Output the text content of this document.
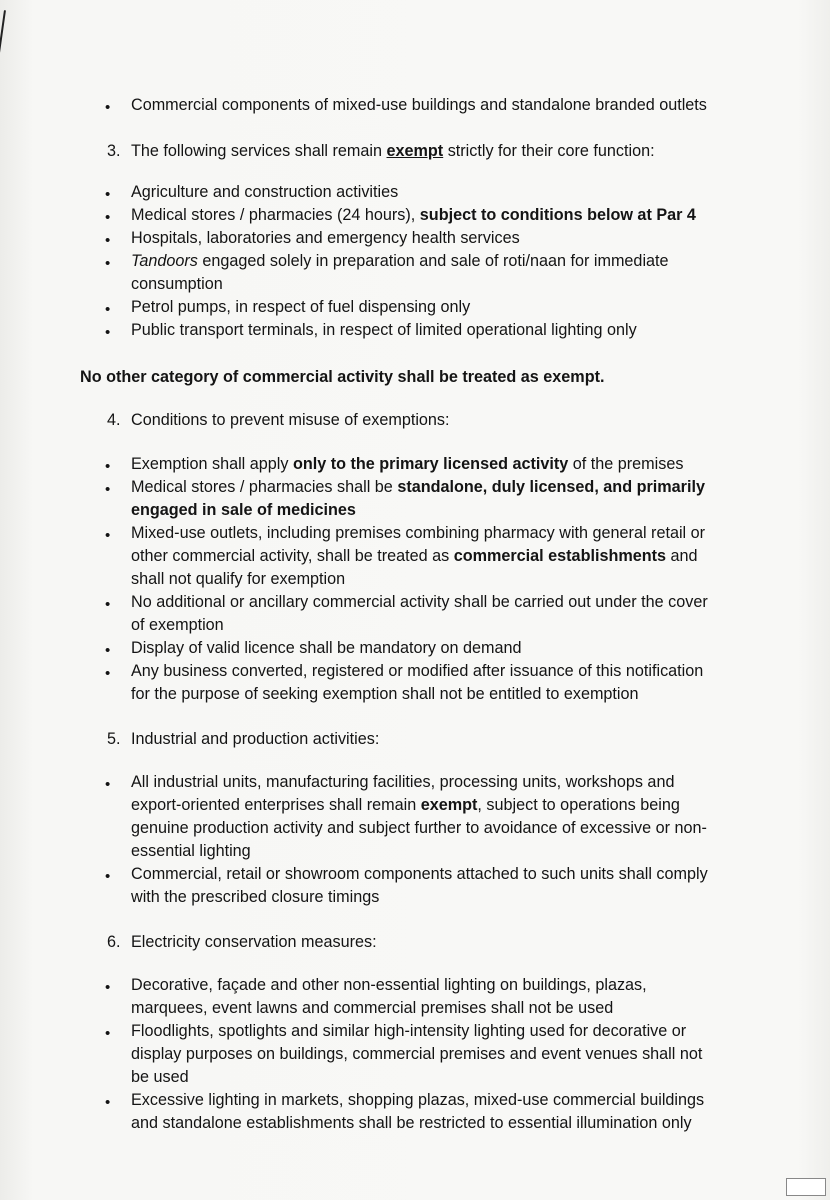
• Commercial components of mixed-use buildings and standalone branded outlets
3. The following services shall remain exempt strictly for their core function:
• Agriculture and construction activities
• Medical stores / pharmacies (24 hours), subject to conditions below at Par 4
• Hospitals, laboratories and emergency health services
• Tandoors engaged solely in preparation and sale of roti/naan for immediate
consumption
• Petrol pumps, in respect of fuel dispensing only
• Public transport terminals, in respect of limited operational lighting only
No other category of commercial activity shall be treated as exempt.
4. Conditions to prevent misuse of exemptions:
• Exemption shall apply only to the primary licensed activity of the premises
• Medical stores / pharmacies shall be standalone, duly licensed, and primarily
engaged in sale of medicines
• Mixed-use outlets, including premises combining pharmacy with general retail or
other commercial activity, shall be treated as commercial establishments and
shall not qualify for exemption
• No additional or ancillary commercial activity shall be carried out under the cover
of exemption
• Display of valid licence shall be mandatory on demand
• Any business converted, registered or modified after issuance of this notification
for the purpose of seeking exemption shall not be entitled to exemption
5. Industrial and production activities:
• All industrial units, manufacturing facilities, processing units, workshops and
export-oriented enterprises shall remain exempt, subject to operations being
genuine production activity and subject further to avoidance of excessive or non-
essential lighting
• Commercial, retail or showroom components attached to such units shall comply
with the prescribed closure timings
6. Electricity conservation measures:
• Decorative, façade and other non-essential lighting on buildings, plazas,
marquees, event lawns and commercial premises shall not be used
• Floodlights, spotlights and similar high-intensity lighting used for decorative or
display purposes on buildings, commercial premises and event venues shall not
be used
• Excessive lighting in markets, shopping plazas, mixed-use commercial buildings
and standalone establishments shall be restricted to essential illumination only
